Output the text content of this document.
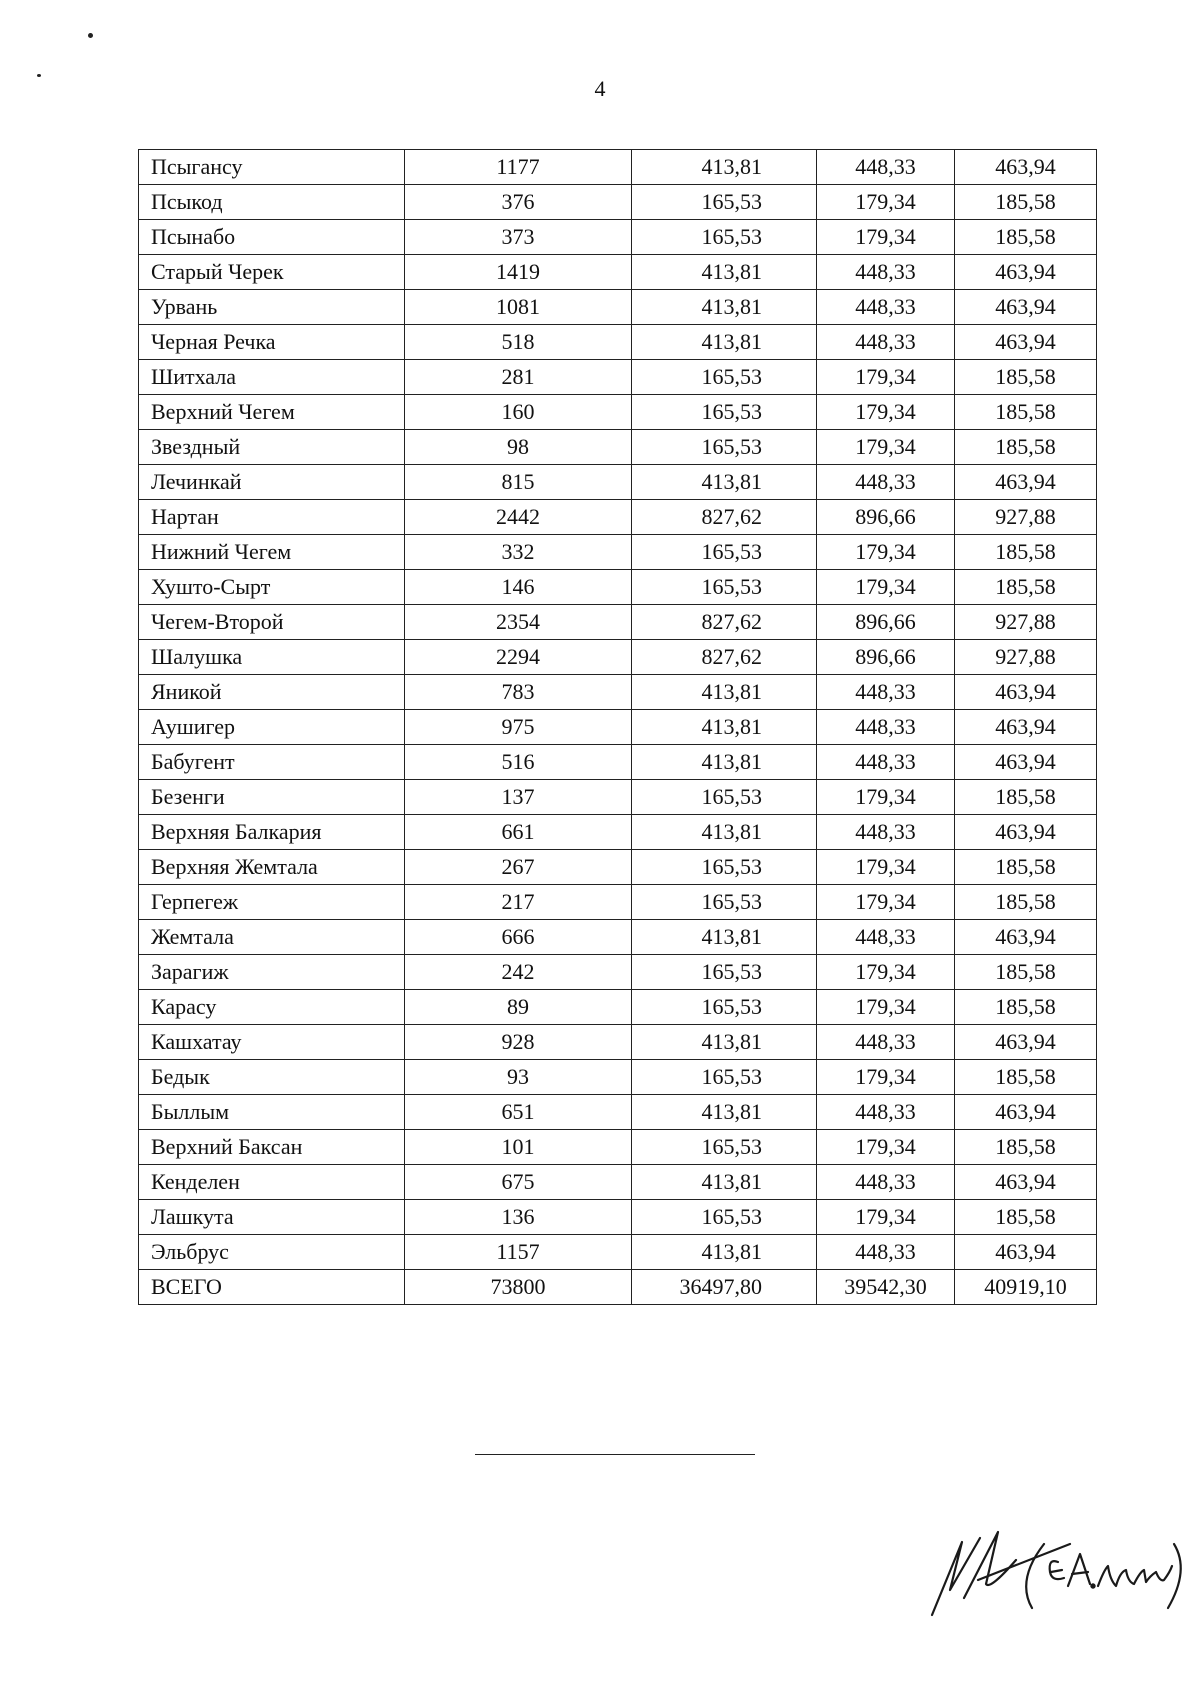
4
Псыгансу	1177	413,81	448,33	463,94
Псыкод	376	165,53	179,34	185,58
Псынабо	373	165,53	179,34	185,58
Старый Черек	1419	413,81	448,33	463,94
Урвань	1081	413,81	448,33	463,94
Черная Речка	518	413,81	448,33	463,94
Шитхала	281	165,53	179,34	185,58
Верхний Чегем	160	165,53	179,34	185,58
Звездный	98	165,53	179,34	185,58
Лечинкай	815	413,81	448,33	463,94
Нартан	2442	827,62	896,66	927,88
Нижний Чегем	332	165,53	179,34	185,58
Хушто-Сырт	146	165,53	179,34	185,58
Чегем-Второй	2354	827,62	896,66	927,88
Шалушка	2294	827,62	896,66	927,88
Яникой	783	413,81	448,33	463,94
Аушигер	975	413,81	448,33	463,94
Бабугент	516	413,81	448,33	463,94
Безенги	137	165,53	179,34	185,58
Верхняя Балкария	661	413,81	448,33	463,94
Верхняя Жемтала	267	165,53	179,34	185,58
Герпегеж	217	165,53	179,34	185,58
Жемтала	666	413,81	448,33	463,94
Зарагиж	242	165,53	179,34	185,58
Карасу	89	165,53	179,34	185,58
Кашхатау	928	413,81	448,33	463,94
Бедык	93	165,53	179,34	185,58
Быллым	651	413,81	448,33	463,94
Верхний Баксан	101	165,53	179,34	185,58
Кенделен	675	413,81	448,33	463,94
Лашкута	136	165,53	179,34	185,58
Эльбрус	1157	413,81	448,33	463,94
ВСЕГО	73800	36497,80	39542,30	40919,10
